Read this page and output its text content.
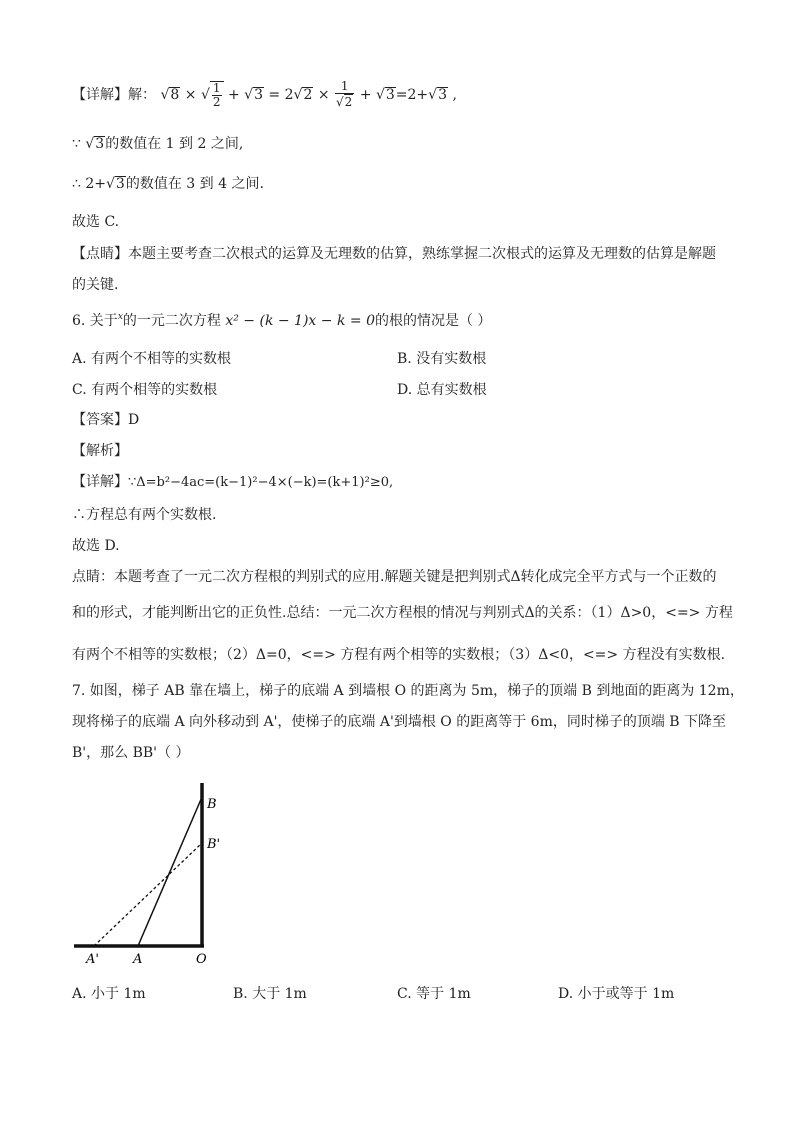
【详解】解： √8 × √ $\frac{1}{2} + √3 = 2√2 \times \frac{1}{√2} + √3=2+√3$ ,
∵ √3的数值在 1 到 2 之间,
∴ 2+√3的数值在 3 到 4 之间.
故选 C.
【点睛】本题主要考查二次根式的运算及无理数的估算，熟练掌握二次根式的运算及无理数的估算是解题
的关键.
6. 关于$^x$的一元二次方程 x² − (k − 1)x − k = 0的根的情况是（ ）
A. 有两个不相等的实数根	B. 没有实数根
C. 有两个相等的实数根	D. 总有实数根
【答案】D
【解析】
【详解】∵Δ=b²−4ac=(k−1)²−4×(−k)=(k+1)²≥0,
∴方程总有两个实数根.
故选 D.
点睛：本题考查了一元二次方程根的判别式的应用.解题关键是把判别式Δ转化成完全平方式与一个正数的
和的形式，才能判断出它的正负性.总结：一元二次方程根的情况与判别式Δ的关系：（1）Δ>0，<=> 方程
有两个不相等的实数根；（2）Δ=0，<=> 方程有两个相等的实数根；（3）Δ<0，<=> 方程没有实数根.
7. 如图，梯子 AB 靠在墙上，梯子的底端 A 到墙根 O 的距离为 5m，梯子的顶端 B 到地面的距离为 12m，
现将梯子的底端 A 向外移动到 A'，使梯子的底端 A'到墙根 O 的距离等于 6m，同时梯子的顶端 B 下降至
B'，那么 BB'（ ）
B
B'
A'	A	O
A. 小于 1m	B. 大于 1m	C. 等于 1m	D. 小于或等于 1m
